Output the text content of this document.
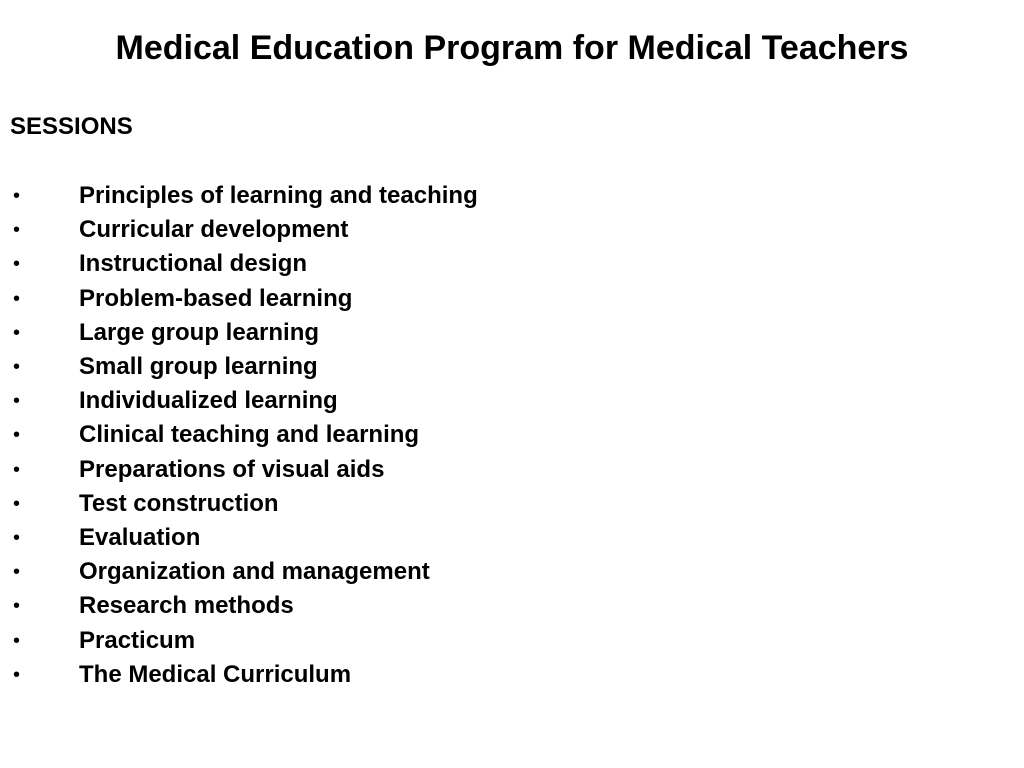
Medical Education Program for Medical Teachers
SESSIONS
•	Principles of learning and teaching
•	Curricular development
•	Instructional design
•	Problem-based learning
•	Large group learning
•	Small group learning
•	Individualized learning
•	Clinical teaching and learning
•	Preparations of visual aids
•	Test construction
•	Evaluation
•	Organization and management
•	Research methods
•	Practicum
•	The Medical Curriculum
